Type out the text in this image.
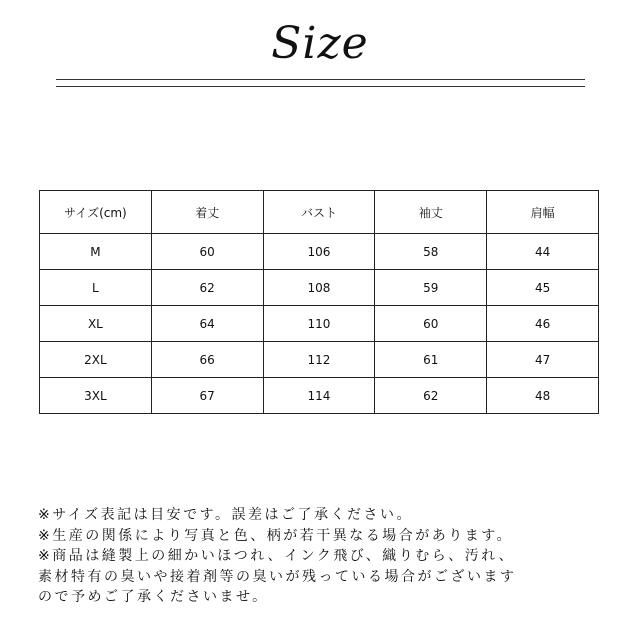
Size
サイズ(cm)	着丈	バスト	袖丈	肩幅
M	60	106	58	44
L	62	108	59	45
XL	64	110	60	46
2XL	66	112	61	47
3XL	67	114	62	48
※サイズ表記は目安です。誤差はご了承ください。
※生産の関係により写真と色、柄が若干異なる場合があります。
※商品は縫製上の細かいほつれ、インク飛び、織りむら、汚れ、
素材特有の臭いや接着剤等の臭いが残っている場合がございます
ので予めご了承くださいませ。
